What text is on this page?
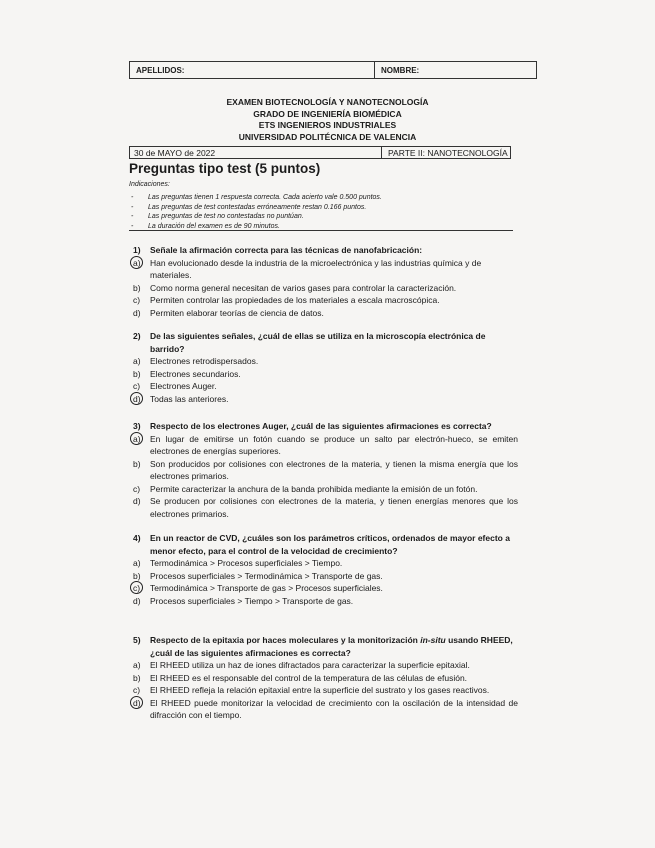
APELLIDOS:	NOMBRE:
EXAMEN BIOTECNOLOGÍA Y NANOTECNOLOGÍA
GRADO DE INGENIERÍA BIOMÉDICA
ETS INGENIEROS INDUSTRIALES
UNIVERSIDAD POLITÉCNICA DE VALENCIA
30 de MAYO de 2022	PARTE II: NANOTECNOLOGÍA
Preguntas tipo test (5 puntos)
Indicaciones:
-	Las preguntas tienen 1 respuesta correcta. Cada acierto vale 0.500 puntos.
-	Las preguntas de test contestadas erróneamente restan 0.166 puntos.
-	Las preguntas de test no contestadas no puntúan.
-	La duración del examen es de 90 minutos.
1)	Señale la afirmación correcta para las técnicas de nanofabricación:
a)	Han evolucionado desde la industria de la microelectrónica y las industrias química y de materiales.
b)	Como norma general necesitan de varios gases para controlar la caracterización.
c)	Permiten controlar las propiedades de los materiales a escala macroscópica.
d)	Permiten elaborar teorías de ciencia de datos.
2)	De las siguientes señales, ¿cuál de ellas se utiliza en la microscopía electrónica de barrido?
a)	Electrones retrodispersados.
b)	Electrones secundarios.
c)	Electrones Auger.
d)	Todas las anteriores.
3)	Respecto de los electrones Auger, ¿cuál de las siguientes afirmaciones es correcta?
a)	En lugar de emitirse un fotón cuando se produce un salto par electrón-hueco, se emiten electrones de energías superiores.
b)	Son producidos por colisiones con electrones de la materia, y tienen la misma energía que los electrones primarios.
c)	Permite caracterizar la anchura de la banda prohibida mediante la emisión de un fotón.
d)	Se producen por colisiones con electrones de la materia, y tienen energías menores que los electrones primarios.
4)	En un reactor de CVD, ¿cuáles son los parámetros críticos, ordenados de mayor efecto a menor efecto, para el control de la velocidad de crecimiento?
a)	Termodinámica > Procesos superficiales > Tiempo.
b)	Procesos superficiales > Termodinámica > Transporte de gas.
c)	Termodinámica > Transporte de gas > Procesos superficiales.
d)	Procesos superficiales > Tiempo > Transporte de gas.
5)	Respecto de la epitaxia por haces moleculares y la monitorización in-situ usando RHEED, ¿cuál de las siguientes afirmaciones es correcta?
a)	El RHEED utiliza un haz de iones difractados para caracterizar la superficie epitaxial.
b)	El RHEED es el responsable del control de la temperatura de las células de efusión.
c)	El RHEED refleja la relación epitaxial entre la superficie del sustrato y los gases reactivos.
d)	El RHEED puede monitorizar la velocidad de crecimiento con la oscilación de la intensidad de difracción con el tiempo.
